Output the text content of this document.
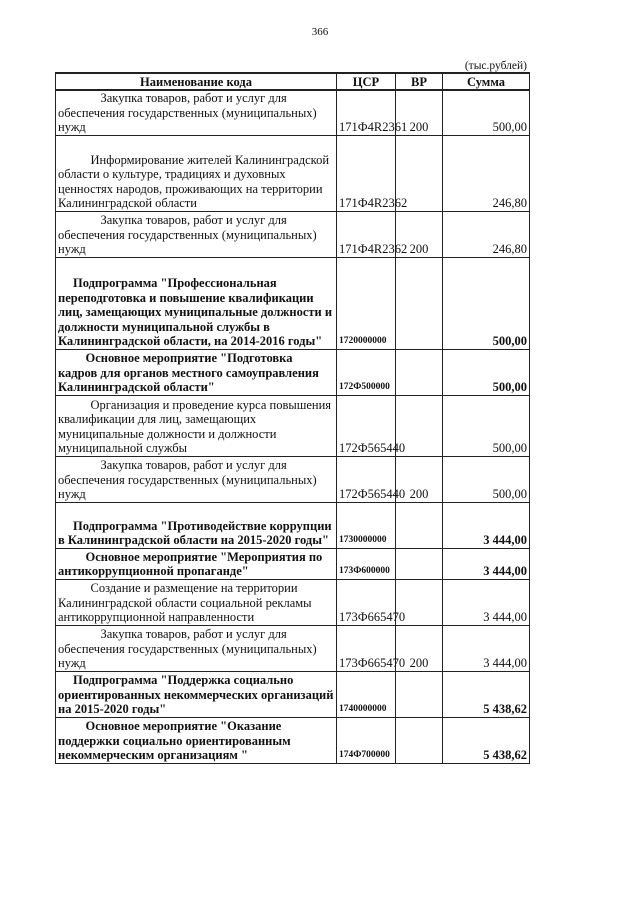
366
(тыс.рублей)
Наименование кода	ЦСР	ВР	Сумма

Закупка товаров, работ и услуг для обеспечения государственных (муниципальных) нужд	171Ф4R2361	200	500,00

Информирование жителей Калининградской области о культуре, традициях и духовных ценностях народов, проживающих на территории Калининградской области	171Ф4R2362		246,80

Закупка товаров, работ и услуг для обеспечения государственных (муниципальных) нужд	171Ф4R2362	200	246,80

Подпрограмма "Профессиональная переподготовка и повышение квалификации лиц, замещающих муниципальные должности и должности муниципальной службы в Калининградской области, на 2014-2016 годы"	1720000000		500,00

Основное мероприятие "Подготовка кадров для органов местного самоуправления Калининградской области"	172Ф500000		500,00

Организация и проведение курса повышения квалификации для лиц, замещающих муниципальные должности и должности муниципальной службы	172Ф565440		500,00

Закупка товаров, работ и услуг для обеспечения государственных (муниципальных) нужд	172Ф565440	200	500,00

Подпрограмма "Противодействие коррупции в Калининградской области на 2015-2020 годы"	1730000000		3 444,00

Основное мероприятие "Мероприятия по антикоррупционной пропаганде"	173Ф600000		3 444,00

Создание и размещение на территории Калининградской области социальной рекламы антикоррупционной направленности	173Ф665470		3 444,00

Закупка товаров, работ и услуг для обеспечения государственных (муниципальных) нужд	173Ф665470	200	3 444,00

Подпрограмма "Поддержка социально ориентированных некоммерческих организаций на 2015-2020 годы"	1740000000		5 438,62

Основное мероприятие "Оказание поддержки социально ориентированным некоммерческим организациям "	174Ф700000		5 438,62
